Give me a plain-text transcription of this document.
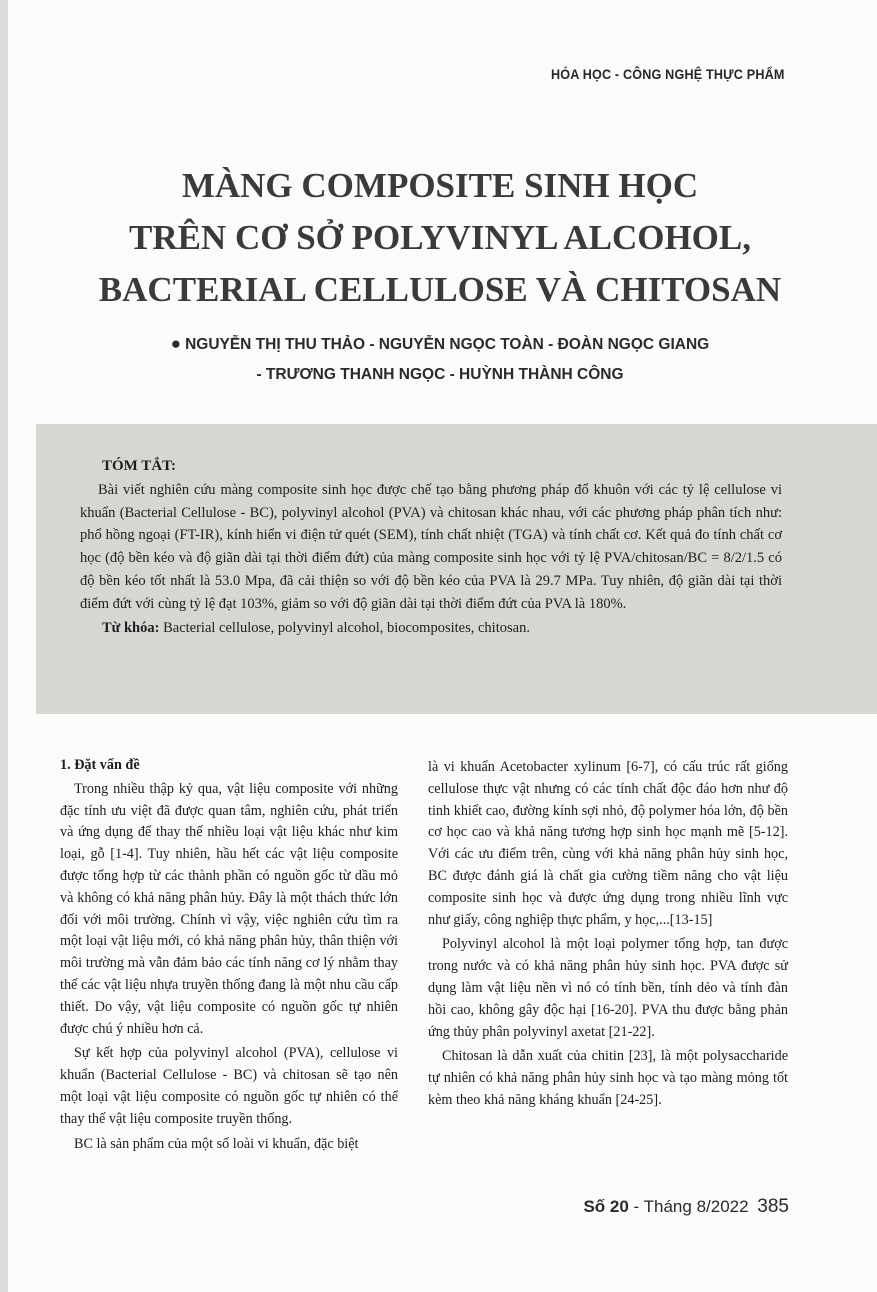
HÓA HỌC - CÔNG NGHỆ THỰC PHẨM
MÀNG COMPOSITE SINH HỌC
TRÊN CƠ SỞ POLYVINYL ALCOHOL,
BACTERIAL CELLULOSE VÀ CHITOSAN
● NGUYỄN THỊ THU THẢO - NGUYỄN NGỌC TOÀN - ĐOÀN NGỌC GIANG
- TRƯƠNG THANH NGỌC - HUỲNH THÀNH CÔNG
TÓM TẮT:

Bài viết nghiên cứu màng composite sinh học được chế tạo bằng phương pháp đổ khuôn với các tỷ lệ cellulose vi khuẩn (Bacterial Cellulose - BC), polyvinyl alcohol (PVA) và chitosan khác nhau, với các phương pháp phân tích như: phổ hồng ngoại (FT-IR), kính hiển vi điện tử quét (SEM), tính chất nhiệt (TGA) và tính chất cơ. Kết quả đo tính chất cơ học (độ bền kéo và độ giãn dài tại thời điểm đứt) của màng composite sinh học với tỷ lệ PVA/chitosan/BC = 8/2/1.5 có độ bền kéo tốt nhất là 53.0 Mpa, đã cải thiện so với độ bền kéo của PVA là 29.7 MPa. Tuy nhiên, độ giãn dài tại thời điểm đứt với cùng tỷ lệ đạt 103%, giảm so với độ giãn dài tại thời điểm đứt của PVA là 180%.

Từ khóa: Bacterial cellulose, polyvinyl alcohol, biocomposites, chitosan.
1. Đặt vấn đề

Trong nhiều thập kỷ qua, vật liệu composite với những đặc tính ưu việt đã được quan tâm, nghiên cứu, phát triển và ứng dụng để thay thế nhiều loại vật liệu khác như kim loại, gỗ [1-4]. Tuy nhiên, hầu hết các vật liệu composite được tổng hợp từ các thành phần có nguồn gốc từ dầu mỏ và không có khả năng phân hủy. Đây là một thách thức lớn đối với môi trường. Chính vì vậy, việc nghiên cứu tìm ra một loại vật liệu mới, có khả năng phân hủy, thân thiện với môi trường mà vẫn đảm bảo các tính năng cơ lý nhằm thay thế các vật liệu nhựa truyền thống đang là một nhu cầu cấp thiết. Do vậy, vật liệu composite có nguồn gốc tự nhiên được chú ý nhiều hơn cả.

Sự kết hợp của polyvinyl alcohol (PVA), cellulose vi khuẩn (Bacterial Cellulose - BC) và chitosan sẽ tạo nên một loại vật liệu composite có nguồn gốc tự nhiên có thể thay thế vật liệu composite truyền thống.

BC là sản phẩm của một số loài vi khuẩn, đặc biệt

là vi khuẩn Acetobacter xylinum [6-7], có cấu trúc rất giống cellulose thực vật nhưng có các tính chất độc đáo hơn như độ tinh khiết cao, đường kính sợi nhỏ, độ polymer hóa lớn, độ bền cơ học cao và khả năng tương hợp sinh học mạnh mẽ [5-12]. Với các ưu điểm trên, cùng với khả năng phân hủy sinh học, BC được đánh giá là chất gia cường tiềm năng cho vật liệu composite sinh học và được ứng dụng trong nhiều lĩnh vực như giấy, công nghiệp thực phẩm, y học,...[13-15]

Polyvinyl alcohol là một loại polymer tổng hợp, tan được trong nước và có khả năng phân hủy sinh học. PVA được sử dụng làm vật liệu nền vì nó có tính bền, tính dẻo và tính đàn hồi cao, không gây độc hại [16-20]. PVA thu được bằng phản ứng thủy phân polyvinyl axetat [21-22].

Chitosan là dẫn xuất của chitin [23], là một polysaccharide tự nhiên có khả năng phân hủy sinh học và tạo màng mỏng tốt kèm theo khả năng kháng khuẩn [24-25].

Số 20 - Tháng 8/2022 385
